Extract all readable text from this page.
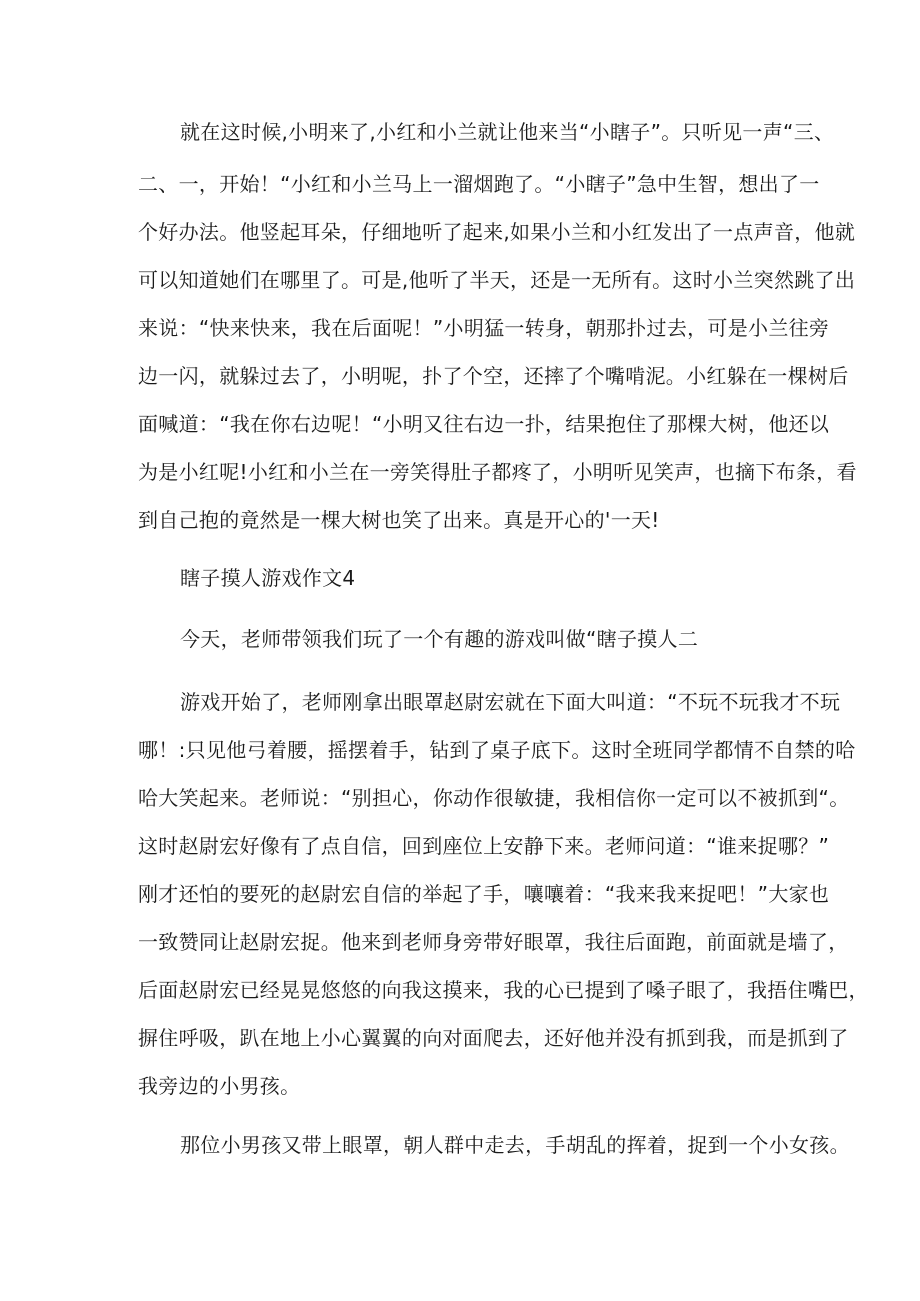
就在这时候,小明来了,小红和小兰就让他来当“小瞎子”。只听见一声“三、
二、一，开始！“小红和小兰马上一溜烟跑了。“小瞎子”急中生智，想出了一
个好办法。他竖起耳朵，仔细地听了起来,如果小兰和小红发出了一点声音，他就
可以知道她们在哪里了。可是,他听了半天，还是一无所有。这时小兰突然跳了出
来说：“快来快来，我在后面呢！”小明猛一转身，朝那扑过去，可是小兰往旁
边一闪，就躲过去了，小明呢，扑了个空，还摔了个嘴啃泥。小红躲在一棵树后
面喊道：“我在你右边呢！“小明又往右边一扑，结果抱住了那棵大树，他还以
为是小红呢!小红和小兰在一旁笑得肚子都疼了，小明听见笑声，也摘下布条，看
到自己抱的竟然是一棵大树也笑了出来。真是开心的'一天!
瞎子摸人游戏作文4
今天，老师带领我们玩了一个有趣的游戏叫做“瞎子摸人二
游戏开始了，老师刚拿出眼罩赵尉宏就在下面大叫道：“不玩不玩我才不玩
哪！:只见他弓着腰，摇摆着手，钻到了桌子底下。这时全班同学都情不自禁的哈
哈大笑起来。老师说：“别担心，你动作很敏捷，我相信你一定可以不被抓到“。
这时赵尉宏好像有了点自信，回到座位上安静下来。老师问道：“谁来捉哪？”
刚才还怕的要死的赵尉宏自信的举起了手，嚷嚷着：“我来我来捉吧！”大家也
一致赞同让赵尉宏捉。他来到老师身旁带好眼罩，我往后面跑，前面就是墙了，
后面赵尉宏已经晃晃悠悠的向我这摸来，我的心已提到了嗓子眼了，我捂住嘴巴，
摒住呼吸，趴在地上小心翼翼的向对面爬去，还好他并没有抓到我，而是抓到了
我旁边的小男孩。
那位小男孩又带上眼罩，朝人群中走去，手胡乱的挥着，捉到一个小女孩。
